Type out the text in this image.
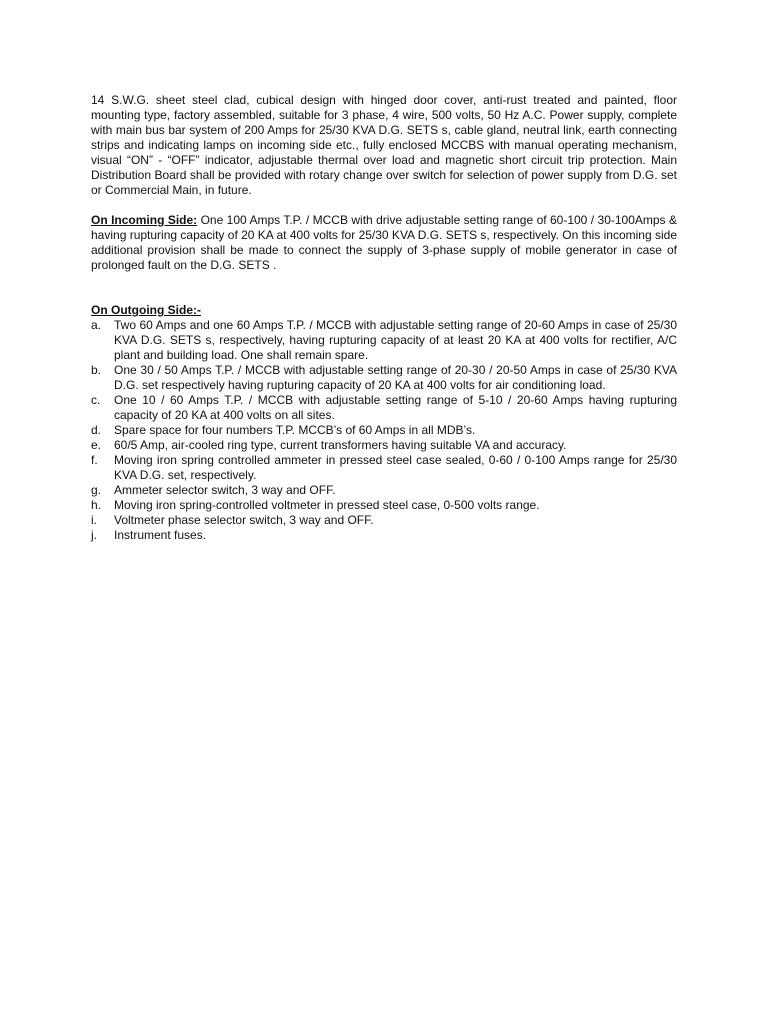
14 S.W.G. sheet steel clad, cubical design with hinged door cover, anti-rust treated and painted, floor mounting type, factory assembled, suitable for 3 phase, 4 wire, 500 volts, 50 Hz A.C. Power supply, complete with main bus bar system of 200 Amps for 25/30 KVA D.G. SETS s, cable gland, neutral link, earth connecting strips and indicating lamps on incoming side etc., fully enclosed MCCBS with manual operating mechanism, visual “ON” - “OFF” indicator, adjustable thermal over load and magnetic short circuit trip protection. Main Distribution Board shall be provided with rotary change over switch for selection of power supply from D.G. set or Commercial Main, in future.

On Incoming Side: One 100 Amps T.P. / MCCB with drive adjustable setting range of 60-100 / 30-100Amps & having rupturing capacity of 20 KA at 400 volts for 25/30 KVA D.G. SETS s, respectively. On this incoming side additional provision shall be made to connect the supply of 3-phase supply of mobile generator in case of prolonged fault on the D.G. SETS .

On Outgoing Side:-
a.	Two 60 Amps and one 60 Amps T.P. / MCCB with adjustable setting range of 20-60 Amps in case of 25/30 KVA D.G. SETS s, respectively, having rupturing capacity of at least 20 KA at 400 volts for rectifier, A/C plant and building load. One shall remain spare.
b.	One 30 / 50 Amps T.P. / MCCB with adjustable setting range of 20-30 / 20-50 Amps in case of 25/30 KVA D.G. set respectively having rupturing capacity of 20 KA at 400 volts for air conditioning load.
c.	One 10 / 60 Amps T.P. / MCCB with adjustable setting range of 5-10 / 20-60 Amps having rupturing capacity of 20 KA at 400 volts on all sites.
d.	Spare space for four numbers T.P. MCCB’s of 60 Amps in all MDB’s.
e.	60/5 Amp, air-cooled ring type, current transformers having suitable VA and accuracy.
f.	Moving iron spring controlled ammeter in pressed steel case sealed, 0-60 / 0-100 Amps range for 25/30 KVA D.G. set, respectively.
g.	Ammeter selector switch, 3 way and OFF.
h.	Moving iron spring-controlled voltmeter in pressed steel case, 0-500 volts range.
i.	Voltmeter phase selector switch, 3 way and OFF.
j.	Instrument fuses.
